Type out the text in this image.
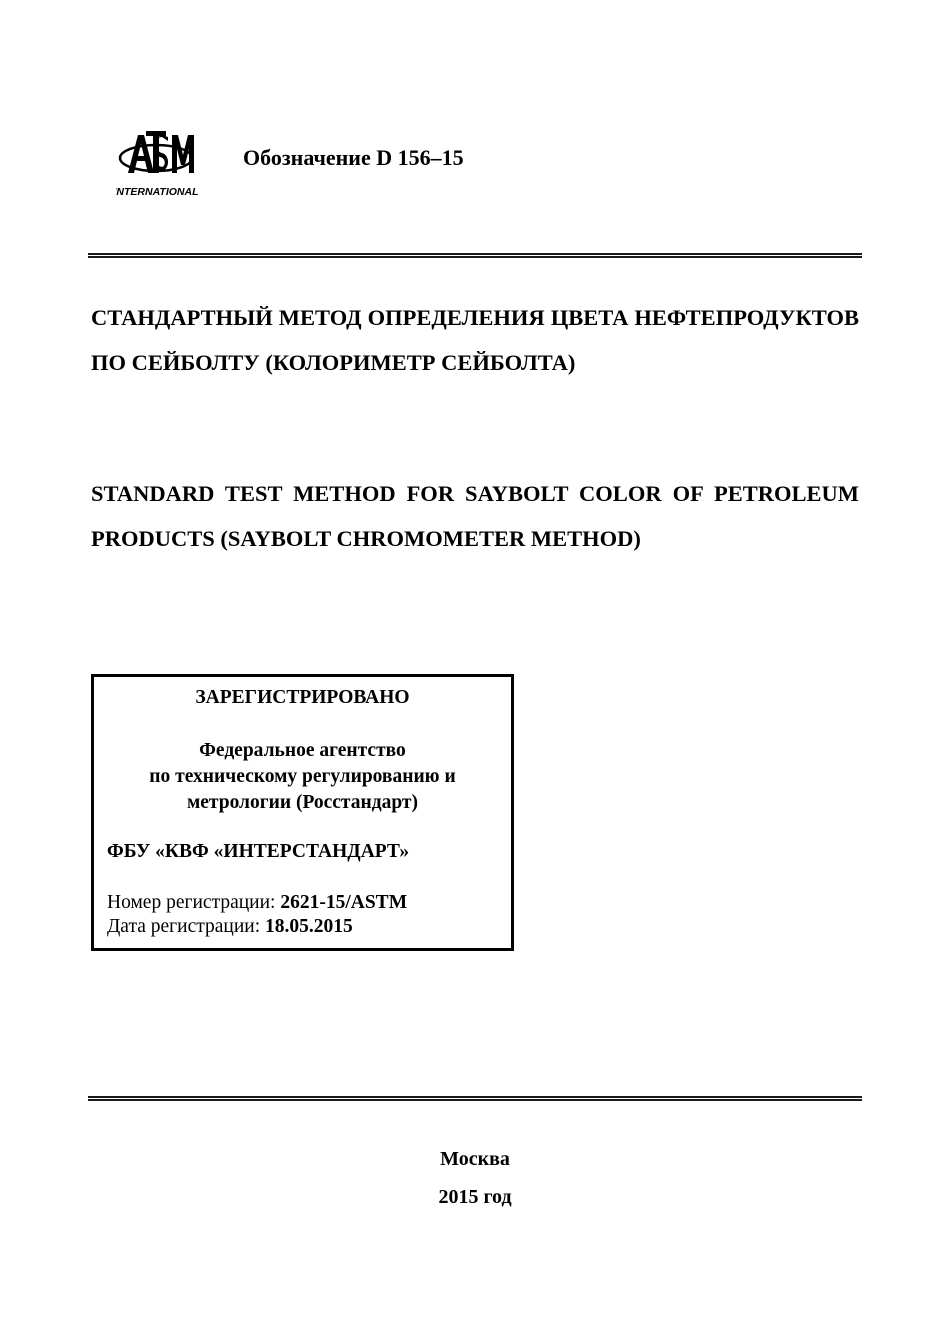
INTERNATIONAL
Обозначение D 156–15
СТАНДАРТНЫЙ МЕТОД ОПРЕДЕЛЕНИЯ ЦВЕТА НЕФТЕПРОДУКТОВ ПО СЕЙБОЛТУ (КОЛОРИМЕТР СЕЙБОЛТА)
STANDARD TEST METHOD FOR SAYBOLT COLOR OF PETROLEUM PRODUCTS (SAYBOLT CHROMOMETER METHOD)
ЗАРЕГИСТРИРОВАНО
Федеральное агентство
по техническому регулированию и
метрологии (Росстандарт)
ФБУ «КВФ «ИНТЕРСТАНДАРТ»
Номер регистрации: 2621-15/ASTM
Дата регистрации: 18.05.2015
Москва
2015 год
